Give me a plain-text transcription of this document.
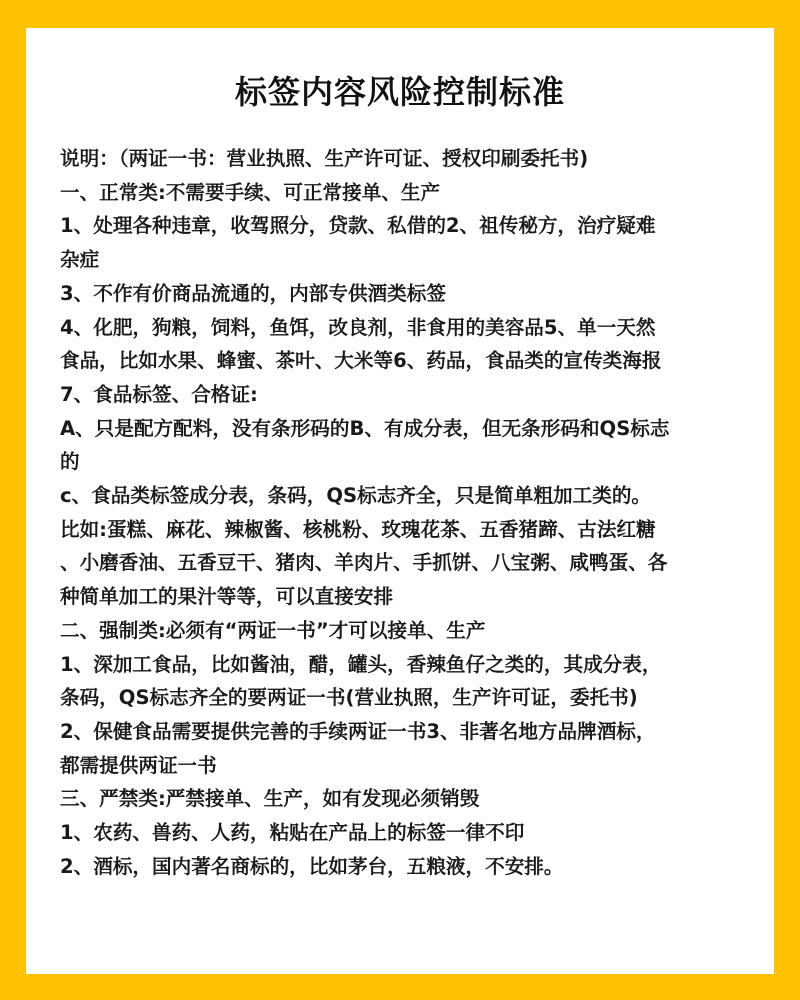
标签内容风险控制标准
说明：（两证一书：营业执照、生产许可证、授权印刷委托书)
一、正常类:不需要手续、可正常接单、生产
1、处理各种违章，收驾照分，贷款、私借的2、祖传秘方，治疗疑难
杂症
3、不作有价商品流通的，内部专供酒类标签
4、化肥，狗粮，饲料，鱼饵，改良剂，非食用的美容品5、单一天然
食品，比如水果、蜂蜜、茶叶、大米等6、药品，食品类的宣传类海报
7、食品标签、合格证:
A、只是配方配料，没有条形码的B、有成分表，但无条形码和QS标志
的
c、食品类标签成分表，条码，QS标志齐全，只是简单粗加工类的。
比如:蛋糕、麻花、辣椒酱、核桃粉、玫瑰花茶、五香猪蹄、古法红糖
、小磨香油、五香豆干、猪肉、羊肉片、手抓饼、八宝粥、咸鸭蛋、各
种简单加工的果汁等等，可以直接安排
二、强制类:必须有“两证一书”才可以接单、生产
1、深加工食品，比如酱油，醋，罐头，香辣鱼仔之类的，其成分表，
条码，QS标志齐全的要两证一书(营业执照，生产许可证，委托书)
2、保健食品需要提供完善的手续两证一书3、非著名地方品牌酒标，
都需提供两证一书
三、严禁类:严禁接单、生产，如有发现必须销毁
1、农药、兽药、人药，粘贴在产品上的标签一律不印
2、酒标，国内著名商标的，比如茅台，五粮液，不安排。
